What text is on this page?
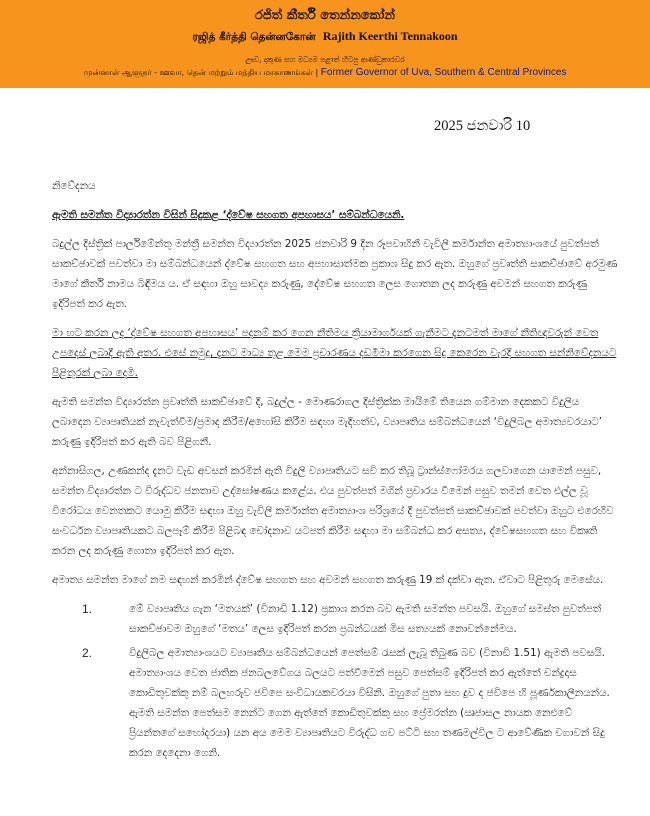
රජිත් කීර්ති තෙන්නකෝන්
ரஜித் கீர்த்தி தென்னகோன் Rajith Keerthi Tennakoon
ඌව, දකුණ සහ මධ්‍යම පළාත් හිටපු ආණ්ඩුකාරවර
முன்னாள் ஆளுநர் - ஊவா, தென் மற்றும் மத்திய மாகாணங்கள் | Former Governor of Uva, Southern & Central Provinces
2025 ජනවාරි 10

නිවේදනය

ඇමති සමන්ත විද්‍යාරත්න විසින් සිදුකළ ‘ද්වේෂ සහගත අපහාසය’ සම්බන්ධයෙනි.

බදුල්ල දිස්ත්‍රික් පාර්ලිමේන්තු මන්ත්‍රී සමන්ත විද්‍යාරත්න 2025 ජනවාරි 9 දින රූපවාහිනී වැවිලි කර්මාන්ත අමාත්‍යාංශයේ පුවත්පත් සාකච්ඡාවක් පවත්වා මා සම්බන්ධයෙන් ද්වේෂ සහගත සහ අපහාසාත්මක ප්‍රකාශ සිදු කර ඇත. ඔහුගේ ප්‍රවෘත්ති සාකච්ඡාවේ අරමුණ මාගේ කීර්ති නාමය බිඳීමය ය. ඒ සඳහා ඔහු සාවද්‍ය කරුණු, දේවේෂ සහගත ලෙස ගොතන ලද කරුණු අවමන් සහගත කරුණු ඉදිරිපත් කර ඇත.

මා හට කරන ලද ‘ද්වේෂ සහගත අපහාසය’ පදනම් කර ගෙන නීතිමය ක්‍රියාමාර්ගයක් ගැනීමට දැනටමත් මාගේ නීතිඥවරුන් වෙත උපදෙස් ලබාදී ඇති අතර. එසේ නමුදු, දැනට මාධ්‍ය තුළ මෙම ප්‍රචාරණය දඩමීමා කරගෙන සිදු කෙරෙන වැරදි සහගත සන්නිවේදනයට පිළිතුරක් ලබා දෙමි.

ඇමති සමන්ත විද්‍යාරත්න ප්‍රවෘත්ති සාකච්ඡාවේ දී, බදුල්ල - මොණරාගල දිස්ත්‍රික්ක මායිමේ තියෙන ගම්මාන දෙකකට විදුලිය ලබාදෙන ව්‍යාපෘතියක් නැවැත්වීම/ප්‍රමාද කිරීම/අහෝසි කිරීම සඳහා මැදිහත්ව, ව්‍යාපෘතිය සම්බන්ධයෙන් ‘විදුලිබල අමාත්‍යවරයාට’ කරුණු ඉදිරිපත් කර ඇති බව පිළිගනී.

අන්නාසිගල, උණකන්ද දැනට වැඩ අවසන් කරමින් ඇති විදුලි ව්‍යාපෘතියට සවි කර තිබූ ට්‍රාන්ස්ෆෝමරය ගලවාගෙන යාමෙන් පසුව, සමන්ත විද්‍යාරත්න ට විරුද්ධව ජනතාව උද්ඝෝෂණය කළේය. එය පුවත්පත් මගින් ප්‍රචාරය වීමෙන් පසුව තමන් වෙත එල්ල වූ විරෝධය වෙනතකට යොමු කිරීම සඳහා ඔහු වැවිලි කර්මාන්ත අමාත්‍යාංශ පරිශ්‍රයේ දී පුවත්පත් සාකච්ඡාවක් පවත්වා ඔහුට එරෙහිව සංවර්ධන ව්‍යාපෘතියකට බලපෑම් කිරීම පිළිබඳ චෝදනාව යටපත් කිරීම සඳහා මා සම්බන්ධ කර අසත්‍ය, ද්වේෂසහගත සහ විකෘති කරන ලද කරුණු ගොතා ඉදිරිපත් කර ඇත.

අමාත්‍ය සමන්ත මාගේ නම සඳහන් කරමින් ද්වේෂ සහගත සහ අවමන් සහගත කරුණු 19 ක් දක්වා ඇත. ඒවාට පිළිතුරු මෙසේය.

1.	මේ ව්‍යාපෘතිය ගැන ‘මතයක්’ (විනාඩි 1.12) ප්‍රකාශ කරන බව ඇමති සමන්ත පවසයි. ඔහුගේ සමස්ත පුවත්පත් සාකච්ඡාවම ඔහුගේ ‘මතය’ ලෙස ඉදිරිපත් කරන ප්‍රබන්ධයක් මිස සත්‍යයක් නොවන්නේමය.
2.	විදුලිබල අමාත්‍යාංශයට ව්‍යාපෘතිය සම්බන්ධයෙන් පෙත්සම් රැසක් ලැබූ තිබුණ බව (විනාඩි 1.51) ඇමති පවසයි. අමාත්‍යාංශය වෙත ජාතික ජනබලවේගය බලයට පත්වීමෙන් පසුව පෙත්සම් ඉදිරිපත් කර ඇත්තේ චන්ද්‍රදාස කොඩිතුවක්කු නම් බලහරුව ජවිපෙ සංවිධායකවරයා විසිනි. ඔහුගේ පුතා සහ දුව ද ජවිපෙ හි පූර්ණකාලීනයන්ය. ඇමති සමන්ත පෙත්සම නෙන්ට ගෙන ඇත්තේ කොඩිතුවක්කු සහ ප්‍රේමරත්න (ඍජාසල නායක නෙළුවේ ප්‍රියන්තගේ සහෝදරයා) යන අය මෙම ව්‍යාපෘතියට විරුද්ධ ගව පට්ටි සහ තණමල්විල ට ආවේණික වගාවන් සිදු කරන දෙදෙනා ගෙනි.
